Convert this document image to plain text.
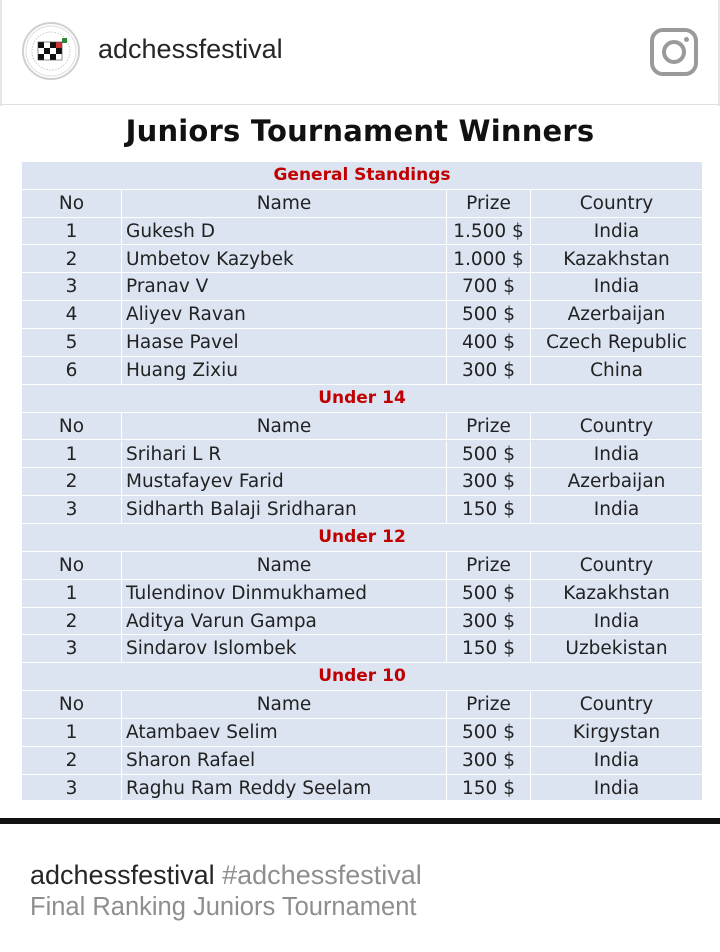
adchessfestival
Juniors Tournament Winners
General Standings
No	Name	Prize	Country
1	Gukesh D	1.500 $	India
2	Umbetov Kazybek	1.000 $	Kazakhstan
3	Pranav V	700 $	India
4	Aliyev Ravan	500 $	Azerbaijan
5	Haase Pavel	400 $	Czech Republic
6	Huang Zixiu	300 $	China
Under 14
No	Name	Prize	Country
1	Srihari L R	500 $	India
2	Mustafayev Farid	300 $	Azerbaijan
3	Sidharth Balaji Sridharan	150 $	India
Under 12
No	Name	Prize	Country
1	Tulendinov Dinmukhamed	500 $	Kazakhstan
2	Aditya Varun Gampa	300 $	India
3	Sindarov Islombek	150 $	Uzbekistan
Under 10
No	Name	Prize	Country
1	Atambaev Selim	500 $	Kirgystan
2	Sharon Rafael	300 $	India
3	Raghu Ram Reddy Seelam	150 $	India
adchessfestival #adchessfestival
Final Ranking Juniors Tournament
